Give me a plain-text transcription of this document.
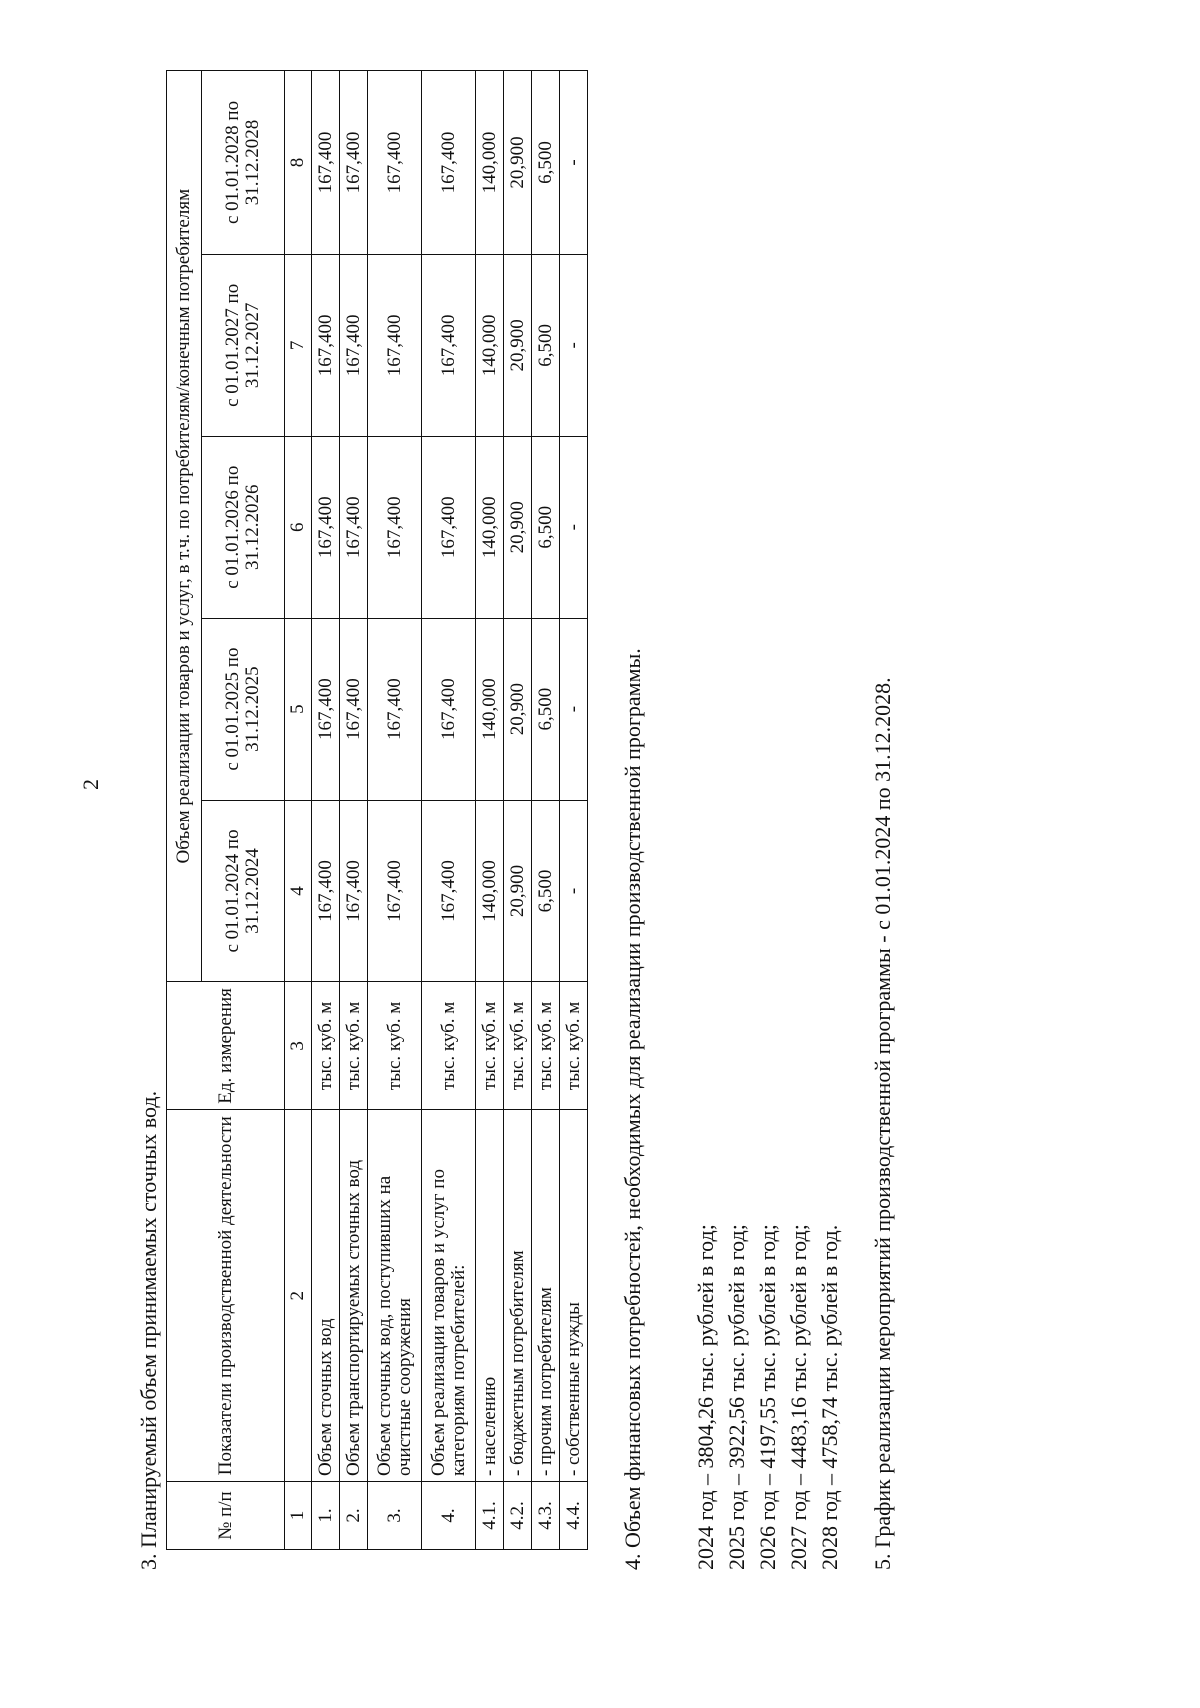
2
3. Планируемый объем принимаемых сточных вод.	№ п/п	Показатели производственной деятельности	Ед. измерения	Объем реализации товаров и услуг, в т.ч. по потребителям/конечным потребителям				
			с 01.01.2024 по 31.12.2024	с 01.01.2025 по 31.12.2025	с 01.01.2026 по 31.12.2026	с 01.01.2027 по 31.12.2027	с 01.01.2028 по 31.12.2028
1	2	3	4	5	6	7	8
1.	Объем сточных вод	тыс. куб. м	167,400	167,400	167,400	167,400	167,400
2.	Объем транспортируемых сточных вод	тыс. куб. м	167,400	167,400	167,400	167,400	167,400
3.	Объем сточных вод, поступивших на очистные сооружения	тыс. куб. м	167,400	167,400	167,400	167,400	167,400
4.	Объем реализации товаров и услуг по категориям потребителей:	тыс. куб. м	167,400	167,400	167,400	167,400	167,400
4.1.	- населению	тыс. куб. м	140,000	140,000	140,000	140,000	140,000
4.2.	- бюджетным потребителям	тыс. куб. м	20,900	20,900	20,900	20,900	20,900
4.3.	- прочим потребителям	тыс. куб. м	6,500	6,500	6,500	6,500	6,500
4.4.	- собственные нужды	тыс. куб. м	-	-	-	-	-
4. Объем финансовых потребностей, необходимых для реализации производственной программы. 2024 год – 3804,26 тыс. рублей в год; 2025 год – 3922,56 тыс. рублей в год; 2026 год – 4197,55 тыс. рублей в год; 2027 год – 4483,16 тыс. рублей в год; 2028 год – 4758,74 тыс. рублей в год. 5. График реализации мероприятий производственной программы - с 01.01.2024 по 31.12.2028.
